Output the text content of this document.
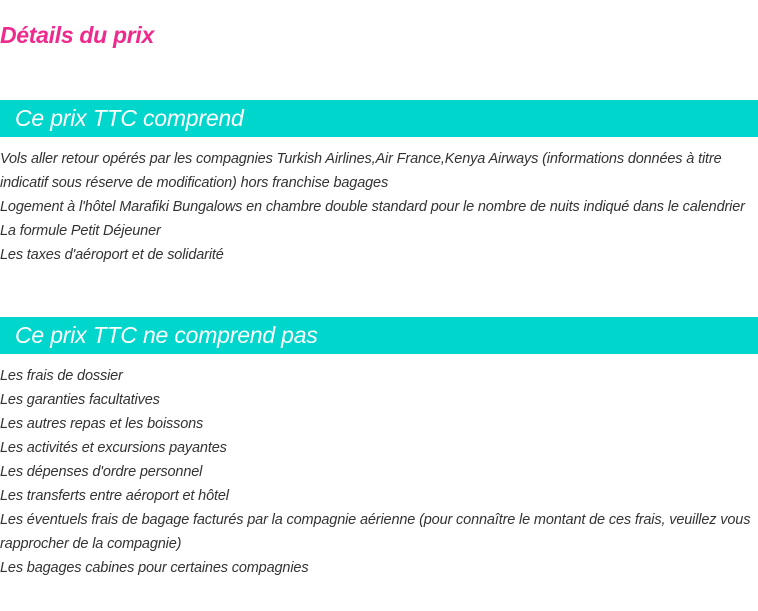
Détails du prix
Ce prix TTC comprend
Vols aller retour opérés par les compagnies Turkish Airlines,Air France,Kenya Airways (informations données à titre indicatif sous réserve de modification) hors franchise bagages
Logement à l'hôtel Marafiki Bungalows en chambre double standard pour le nombre de nuits indiqué dans le calendrier
La formule Petit Déjeuner
Les taxes d'aéroport et de solidarité
Ce prix TTC ne comprend pas
Les frais de dossier
Les garanties facultatives
Les autres repas et les boissons
Les activités et excursions payantes
Les dépenses d'ordre personnel
Les transferts entre aéroport et hôtel
Les éventuels frais de bagage facturés par la compagnie aérienne (pour connaître le montant de ces frais, veuillez vous rapprocher de la compagnie)
Les bagages cabines pour certaines compagnies
